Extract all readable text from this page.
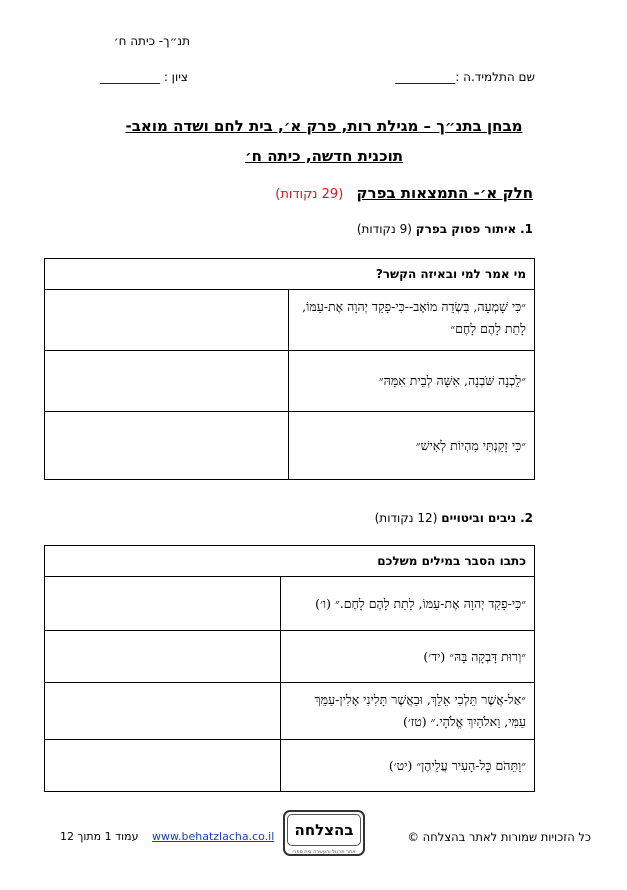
תנ״ך- כיתה ח׳
שם התלמיד.ה :__________
ציון : __________
מבחן בתנ״ך – מגילת רות, פרק א׳, בית לחם ושדה מואב-
תוכנית חדשה, כיתה ח׳
חלק א׳- התמצאות בפרק (29 נקודות)
1. איתור פסוק בפרק (9 נקודות)
מי אמר למי ובאיזה הקשר?	
״כִּי שָׁמְעָה, בִּשְׂדֵה מוֹאָב--כִּי-פָקַד יְהוָה אֶת-עַמּוֹ, לָתֵת לָהֶם לָחֶם״	
״לֵכְנָה שֹּׁבְנָה, אִשָּׁה לְבֵית אִמָּהּ״	
״כִּי זָקַנְתִּי מִהְיוֹת לְאִישׁ״	
2. ניבים וביטויים (12 נקודות)
כתבו הסבר במילים משלכם	
״כִּי-פָקַד יְהוָה אֶת-עַמּוֹ, לָתֵת לָהֶם לָחֶם.״ (ו׳)	
״וְרוּת דָּבְקָה בָּהּ״ (יד׳)	
״אַל-אֲשֶׁר תֵּלְכִי אֵלֵךְ, וּבַאֲשֶׁר תָּלִינִי אָלִין-עַמֵּךְ עַמִּי, וֵאלֹהַיִךְ אֱלֹהָי.״ (טז׳)	
״וַתֵּהֹם כָּל-הָעִיר עֲלֵיהֶן״ (יט׳)	
כל הזכויות שמורות לאתר בהצלחה ©
בהצלחה
אתר תרגול והעשרה בית ספרי
www.behatzlacha.co.il
עמוד 1 מתוך 12
